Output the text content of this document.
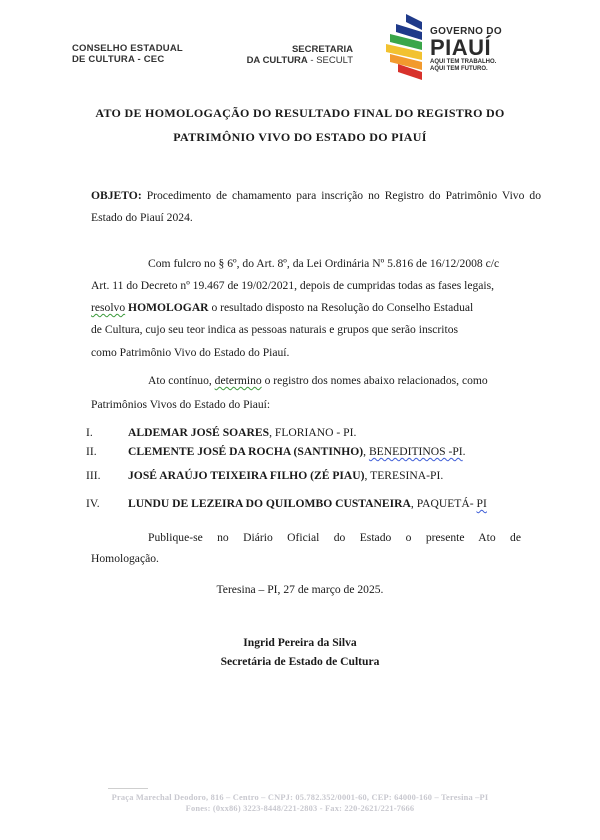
CONSELHO ESTADUAL
DE CULTURA - CEC
SECRETARIA
DA CULTURA - SECULT
GOVERNO DO
PIAUÍ
AQUI TEM TRABALHO.
AQUI TEM FUTURO.
ATO DE HOMOLOGAÇÃO DO RESULTADO FINAL DO REGISTRO DO
PATRIMÔNIO VIVO DO ESTADO DO PIAUÍ
OBJETO: Procedimento de chamamento para inscrição no Registro do Patrimônio Vivo do Estado do Piauí 2024.
Com fulcro no § 6º, do Art. 8º, da Lei Ordinária Nº 5.816 de 16/12/2008 c/c
Art. 11 do Decreto nº 19.467 de 19/02/2021, depois de cumpridas todas as fases legais,
resolvo HOMOLOGAR o resultado disposto na Resolução do Conselho Estadual
de Cultura, cujo seu teor indica as pessoas naturais e grupos que serão inscritos
como Patrimônio Vivo do Estado do Piauí.
Ato contínuo, determino o registro dos nomes abaixo relacionados, como
Patrimônios Vivos do Estado do Piauí:
I.	ALDEMAR JOSÉ SOARES, FLORIANO - PI.
II.	CLEMENTE JOSÉ DA ROCHA (SANTINHO), BENEDITINOS -PI.
III. JOSÉ ARAÚJO TEIXEIRA FILHO (ZÉ PIAU), TERESINA-PI.
IV. LUNDU DE LEZEIRA DO QUILOMBO CUSTANEIRA, PAQUETÁ- PI
Publique-se no Diário Oficial do Estado o presente Ato de
Homologação.
Teresina – PI, 27 de março de 2025.
Ingrid Pereira da Silva
Secretária de Estado de Cultura
Praça Marechal Deodoro, 816 – Centro – CNPJ: 05.782.352/0001-60, CEP: 64000-160 – Teresina –PI
Fones: (0xx86) 3223-8448/221-2803 - Fax: 220-2621/221-7666
